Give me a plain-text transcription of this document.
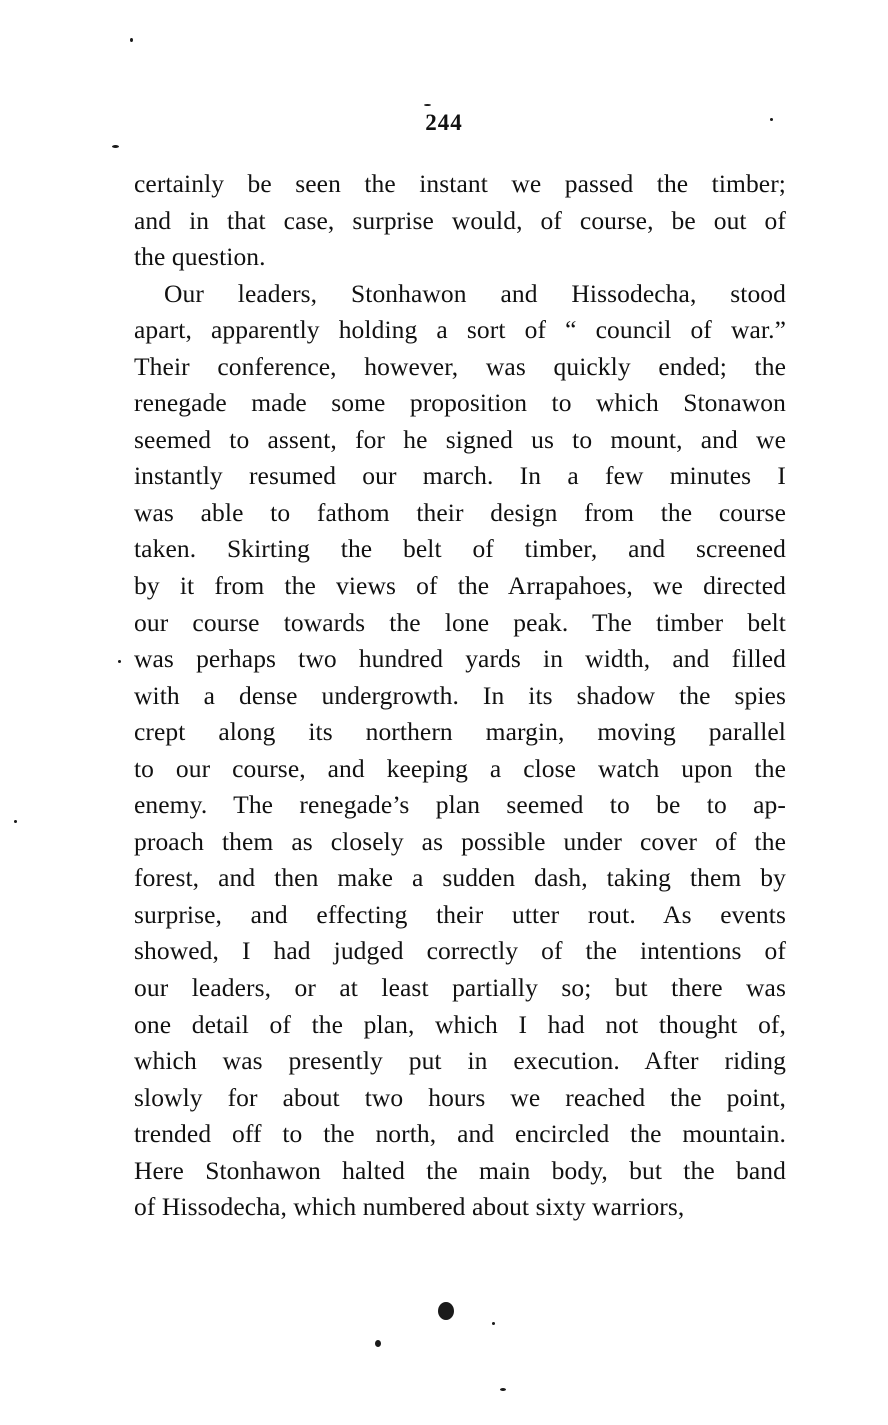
244
certainly be seen the instant we passed the timber;
and in that case, surprise would, of course, be out of
the question.
Our leaders, Stonhawon and Hissodecha, stood
apart, apparently holding a sort of “ council of war.”
Their conference, however, was quickly ended; the
renegade made some proposition to which Stonawon
seemed to assent, for he signed us to mount, and we
instantly resumed our march. In a few minutes I
was able to fathom their design from the course
taken. Skirting the belt of timber, and screened
by it from the views of the Arrapahoes, we directed
our course towards the lone peak. The timber belt
was perhaps two hundred yards in width, and filled
with a dense undergrowth. In its shadow the spies
crept along its northern margin, moving parallel
to our course, and keeping a close watch upon the
enemy. The renegade’s plan seemed to be to ap-
proach them as closely as possible under cover of the
forest, and then make a sudden dash, taking them by
surprise, and effecting their utter rout. As events
showed, I had judged correctly of the intentions of
our leaders, or at least partially so; but there was
one detail of the plan, which I had not thought of,
which was presently put in execution. After riding
slowly for about two hours we reached the point,
trended off to the north, and encircled the mountain.
Here Stonhawon halted the main body, but the band
of Hissodecha, which numbered about sixty warriors,
